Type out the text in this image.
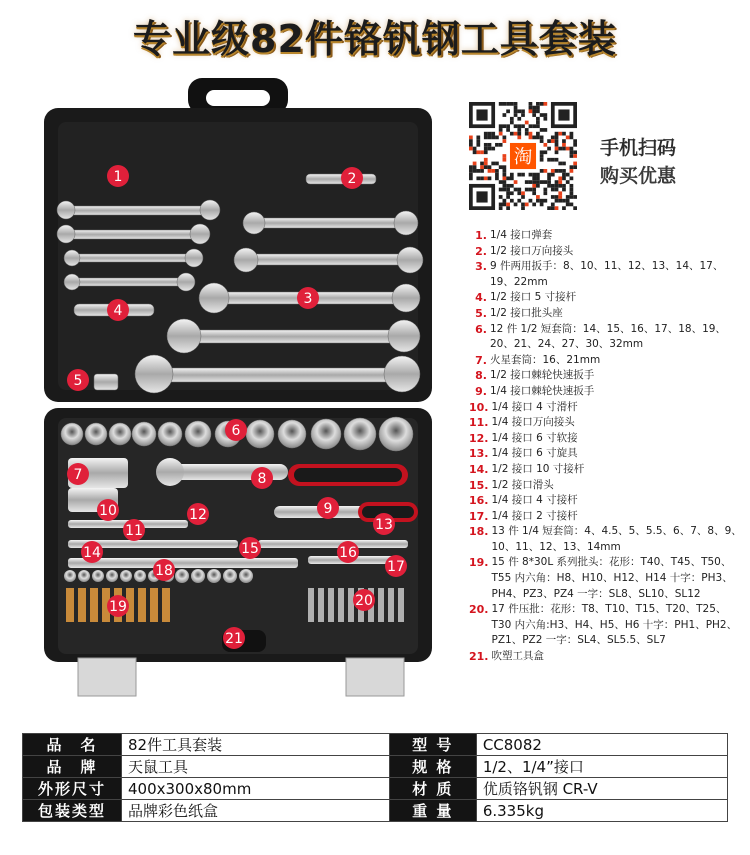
专业级82件铬钒钢工具套装
1	2
3
4
5
6
7	8
9
10
11
12
13
14	15	16
17
18
19	20
21
淘	手机扫码
购买优惠
1. 1/4 接口弹套
2. 1/2 接口万向接头
3. 9 件两用扳手：8、10、11、12、13、14、17、19、22mm
4. 1/2 接口 5 寸接杆
5. 1/2 接口批头座
6. 12 件 1/2 短套筒：14、15、16、17、18、19、20、21、24、27、30、32mm
7. 火星套筒：16、21mm
8. 1/2 接口棘轮快速扳手
9. 1/4 接口棘轮快速扳手
10. 1/4 接口 4 寸滑杆
11. 1/4 接口万向接头
12. 1/4 接口 6 寸软接
13. 1/4 接口 6 寸旋具
14. 1/2 接口 10 寸接杆
15. 1/2 接口滑头
16. 1/4 接口 4 寸接杆
17. 1/4 接口 2 寸接杆
18. 13 件 1/4 短套筒：4、4.5、5、5.5、6、7、8、9、10、11、12、13、14mm
19. 15 件 8*30L 系列批头：花形：T40、T45、T50、T55 内六角：H8、H10、H12、H14 十字：PH3、PH4、PZ3、PZ4 一字：SL8、SL10、SL12
20. 17 件压批：花形：T8、T10、T15、T20、T25、T30 内六角:H3、H4、H5、H6 十字：PH1、PH2、PZ1、PZ2 一字：SL4、SL5.5、SL7
21. 吹塑工具盒
品　名	82件工具套装	型 号	CC8082
品　牌	天鼠工具	规 格	1/2、1/4”接口
外形尺寸	400x300x80mm	材 质	优质铬钒钢 CR-V
包装类型	品牌彩色纸盒	重 量	6.335kg
